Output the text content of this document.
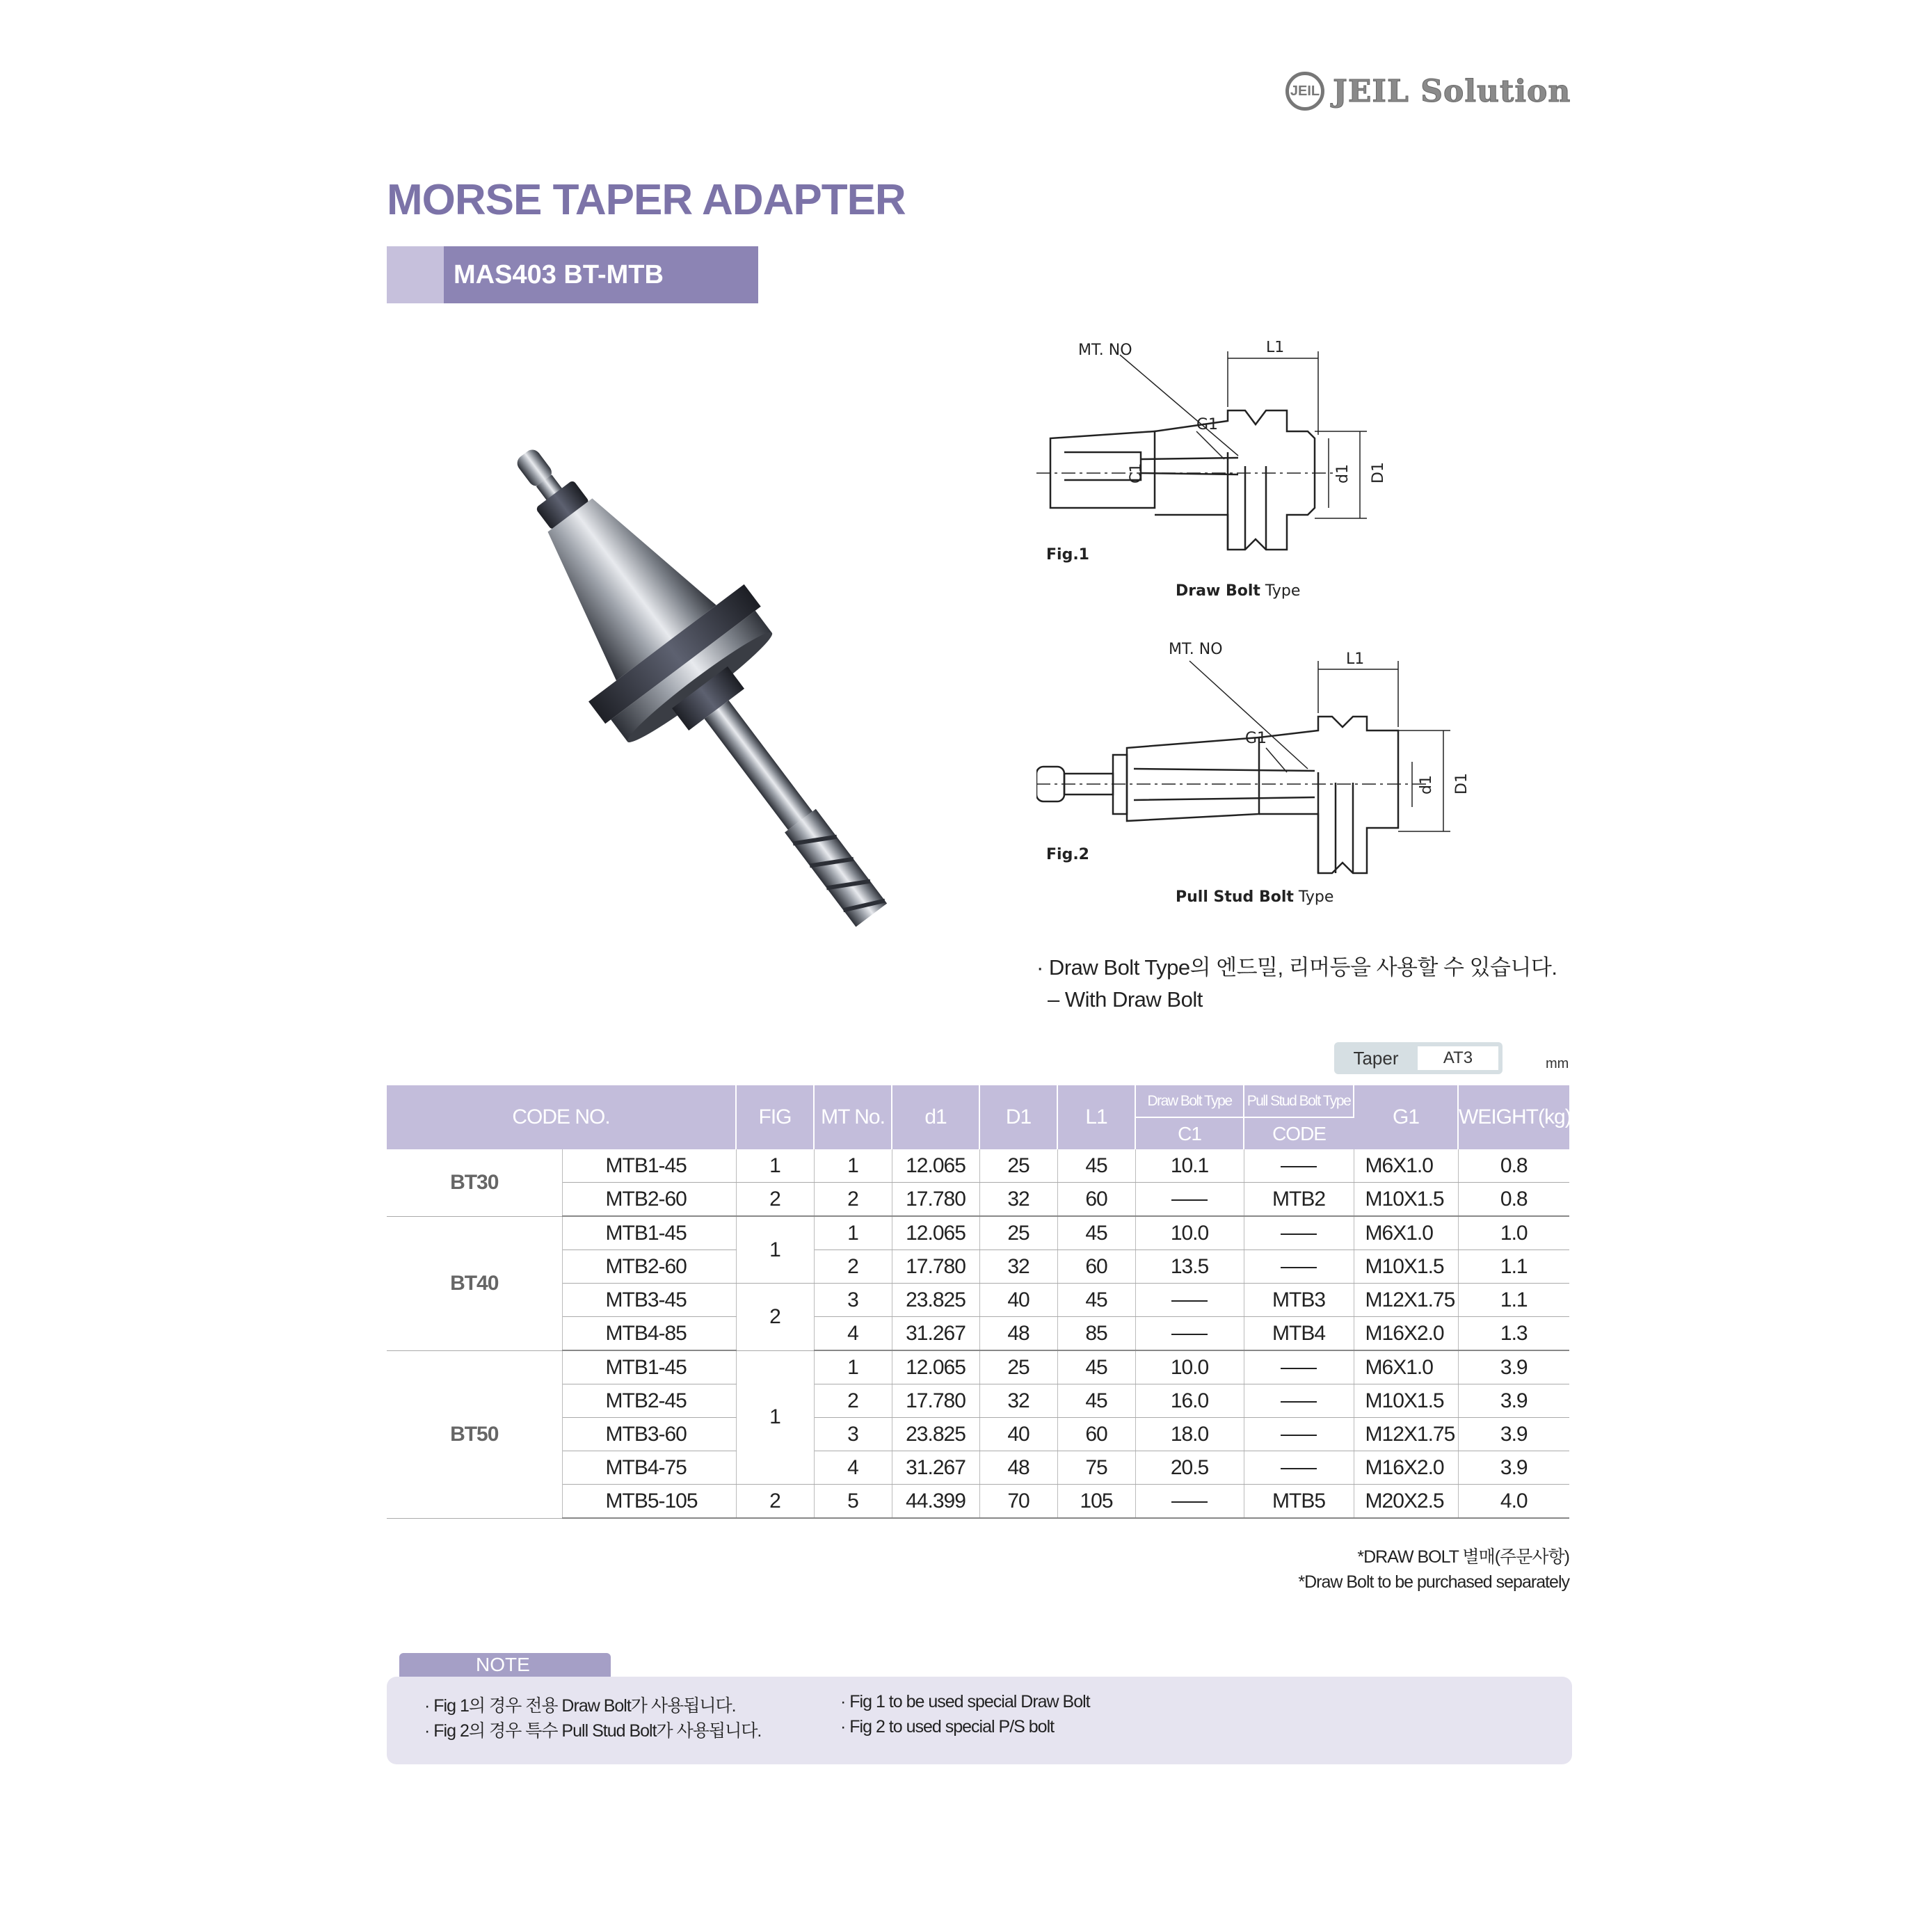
JEIL JEIL Solution
MORSE TAPER ADAPTER
MAS403 BT-MTB
MT. NO	L1
G1
C1	d1 D1
Fig.1
Draw Bolt Type
MT. NO
L1
G1
d1 D1
Fig.2
Pull Stud Bolt Type
· Draw Bolt Type의 엔드밀, 리머등을 사용할 수 있습니다.
– With Draw Bolt
Taper	AT3	mm
CODE NO.		FIG	MT No.	d1	D1	L1	Draw Bolt Type	Pull Stud Bolt Type	G1	WEIGHT(kg)
							C1	CODE		
BT30	MTB1-45	1	1	12.065	25	45	10.1		M6X1.0	0.8
	MTB2-60	2	2	17.780	32	60		MTB2	M10X1.5	0.8
BT40	MTB1-45	1	1	12.065	25	45	10.0		M6X1.0	1.0
	MTB2-60		2	17.780	32	60	13.5		M10X1.5	1.1
	MTB3-45	2	3	23.825	40	45		MTB3	M12X1.75	1.1
	MTB4-85		4	31.267	48	85		MTB4	M16X2.0	1.3
BT50	MTB1-45	1	1	12.065	25	45	10.0		M6X1.0	3.9
	MTB2-45		2	17.780	32	45	16.0		M10X1.5	3.9
	MTB3-60		3	23.825	40	60	18.0		M12X1.75	3.9
	MTB4-75		4	31.267	48	75	20.5		M16X2.0	3.9
	MTB5-105	2	5	44.399	70	105		MTB5	M20X2.5	4.0
*DRAW BOLT 별매(주문사항)
*Draw Bolt to be purchased separately
NOTE
· Fig 1의 경우 전용 Draw Bolt가 사용됩니다.
· Fig 2의 경우 특수 Pull Stud Bolt가 사용됩니다.
· Fig 1 to be used special Draw Bolt
· Fig 2 to used special P/S bolt
